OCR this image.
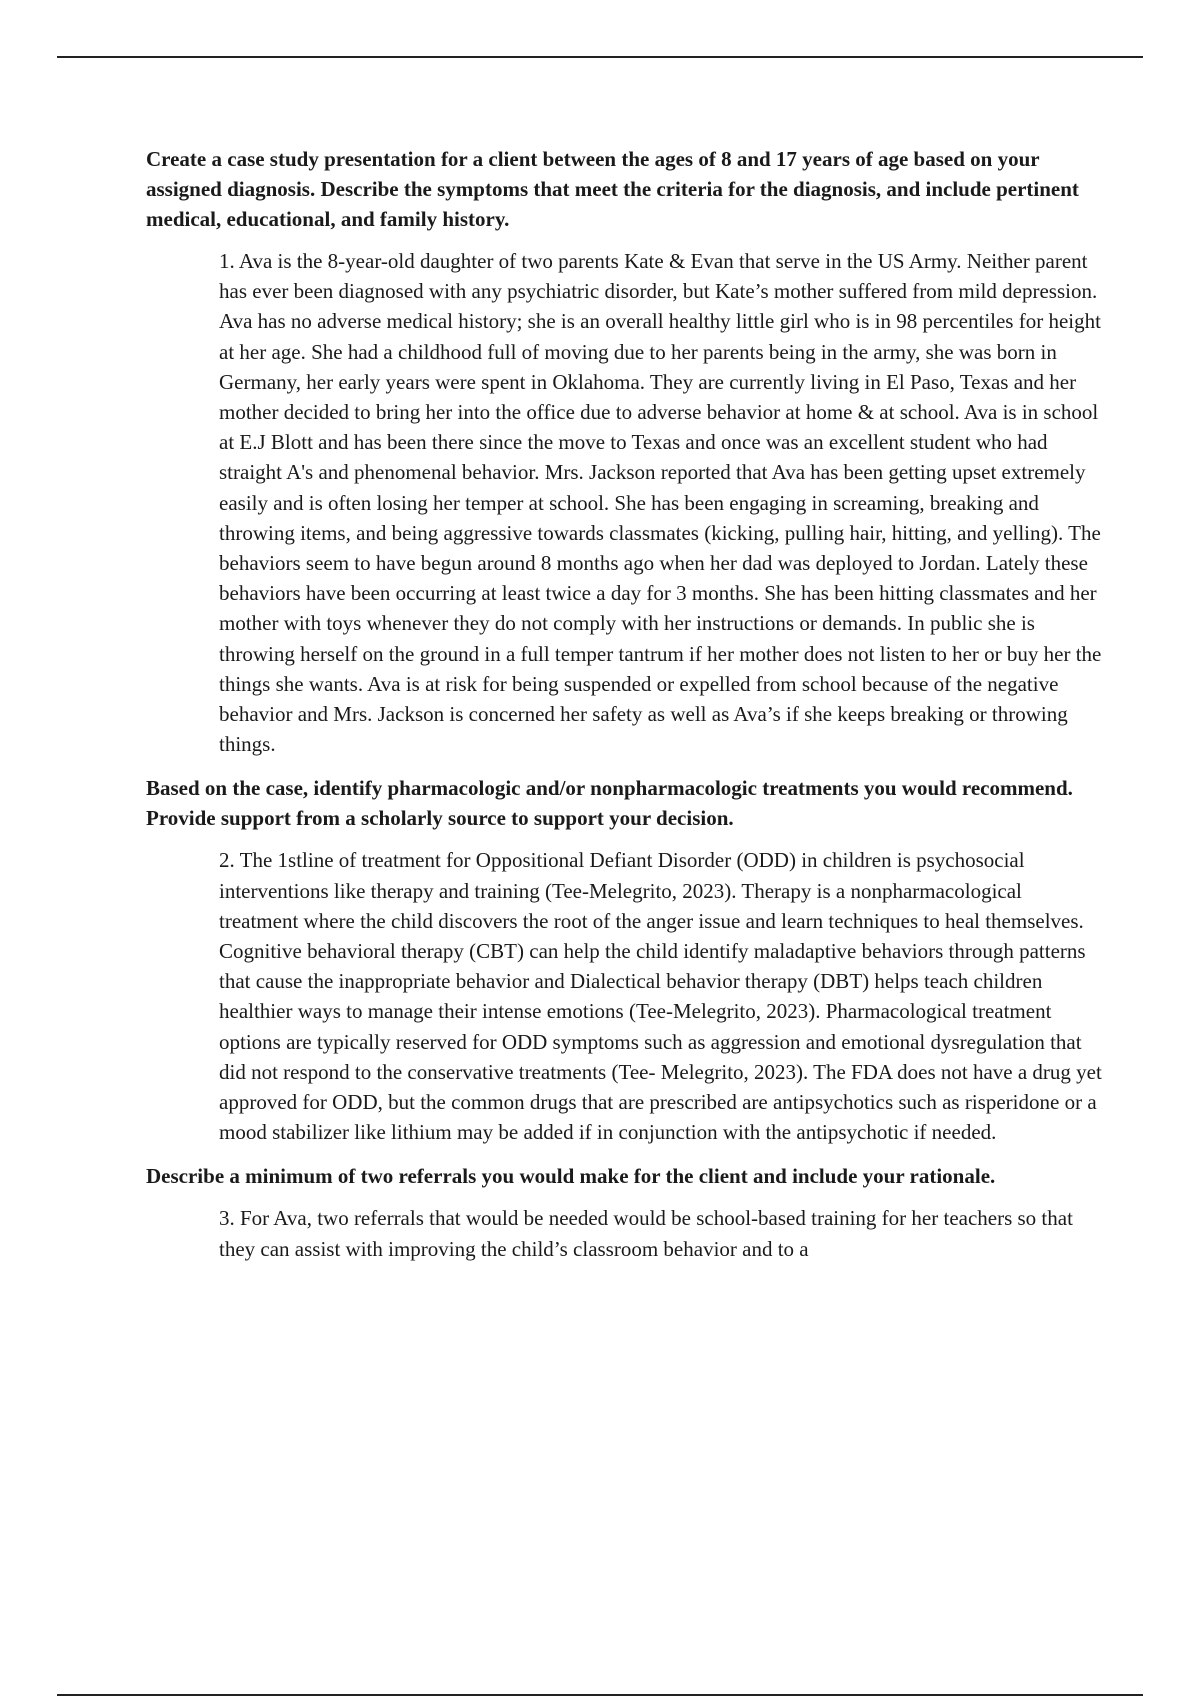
Create a case study presentation for a client between the ages of 8 and 17 years of age based on your assigned diagnosis. Describe the symptoms that meet the criteria for the diagnosis, and include pertinent medical, educational, and family history.

1. Ava is the 8-year-old daughter of two parents Kate & Evan that serve in the US Army. Neither parent has ever been diagnosed with any psychiatric disorder, but Kate’s mother suffered from mild depression. Ava has no adverse medical history; she is an overall healthy little girl who is in 98 percentiles for height at her age. She had a childhood full of moving due to her parents being in the army, she was born in Germany, her early years were spent in Oklahoma. They are currently living in El Paso, Texas and her mother decided to bring her into the office due to adverse behavior at home & at school. Ava is in school at E.J Blott and has been there since the move to Texas and once was an excellent student who had straight A's and phenomenal behavior. Mrs. Jackson reported that Ava has been getting upset extremely easily and is often losing her temper at school. She has been engaging in screaming, breaking and throwing items, and being aggressive towards classmates (kicking, pulling hair, hitting, and yelling). The behaviors seem to have begun around 8 months ago when her dad was deployed to Jordan. Lately these behaviors have been occurring at least twice a day for 3 months. She has been hitting classmates and her mother with toys whenever they do not comply with her instructions or demands. In public she is throwing herself on the ground in a full temper tantrum if her mother does not listen to her or buy her the things she wants. Ava is at risk for being suspended or expelled from school because of the negative behavior and Mrs. Jackson is concerned her safety as well as Ava’s if she keeps breaking or throwing things.

Based on the case, identify pharmacologic and/or nonpharmacologic treatments you would recommend. Provide support from a scholarly source to support your decision.

2. The 1stline of treatment for Oppositional Defiant Disorder (ODD) in children is psychosocial interventions like therapy and training (Tee-Melegrito, 2023). Therapy is a nonpharmacological treatment where the child discovers the root of the anger issue and learn techniques to heal themselves. Cognitive behavioral therapy (CBT) can help the child identify maladaptive behaviors through patterns that cause the inappropriate behavior and Dialectical behavior therapy (DBT) helps teach children healthier ways to manage their intense emotions (Tee-Melegrito, 2023). Pharmacological treatment options are typically reserved for ODD symptoms such as aggression and emotional dysregulation that did not respond to the conservative treatments (Tee- Melegrito, 2023). The FDA does not have a drug yet approved for ODD, but the common drugs that are prescribed are antipsychotics such as risperidone or a mood stabilizer like lithium may be added if in conjunction with the antipsychotic if needed.

Describe a minimum of two referrals you would make for the client and include your rationale.

3. For Ava, two referrals that would be needed would be school-based training for her teachers so that they can assist with improving the child’s classroom behavior and to a
